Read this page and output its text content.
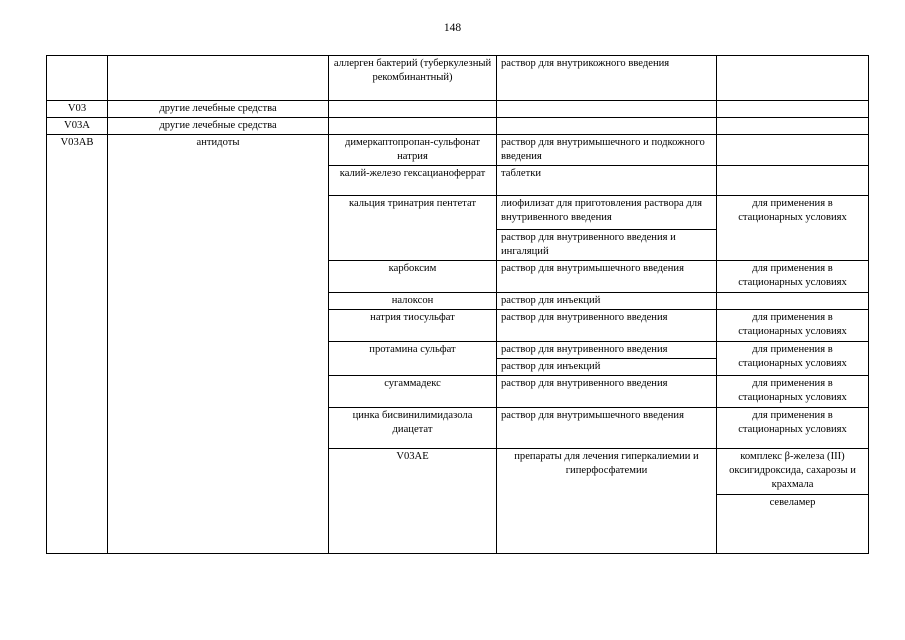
148
		аллерген бактерий (туберкулезный рекомбинантный)	раствор для внутрикожного введения		
V03	другие лечебные средства				
V03A	другие лечебные средства				
V03AB	антидоты	димеркаптопропан-сульфонат натрия	раствор для внутримышечного и подкожного введения		
		калий-железо гексацианоферрат	таблетки		
		кальция тринатрия пентетат	лиофилизат для приготовления раствора для внутривенного введения	для применения в стационарных условиях	
			раствор для внутривенного введения и ингаляций		
		карбоксим	раствор для внутримышечного введения	для применения в стационарных условиях	
		налоксон	раствор для инъекций		
		натрия тиосульфат	раствор для внутривенного введения	для применения в стационарных условиях	
		протамина сульфат	раствор для внутривенного введения	для применения в стационарных условиях	
			раствор для инъекций		
		сугаммадекс	раствор для внутривенного введения	для применения в стационарных условиях	
		цинка бисвинилимидазола диацетат	раствор для внутримышечного введения	для применения в стационарных условиях	
		V03AE	препараты для лечения гиперкалиемии и гиперфосфатемии	комплекс β-железа (III) оксигидроксида, сахарозы и крахмала		
				севеламер		
